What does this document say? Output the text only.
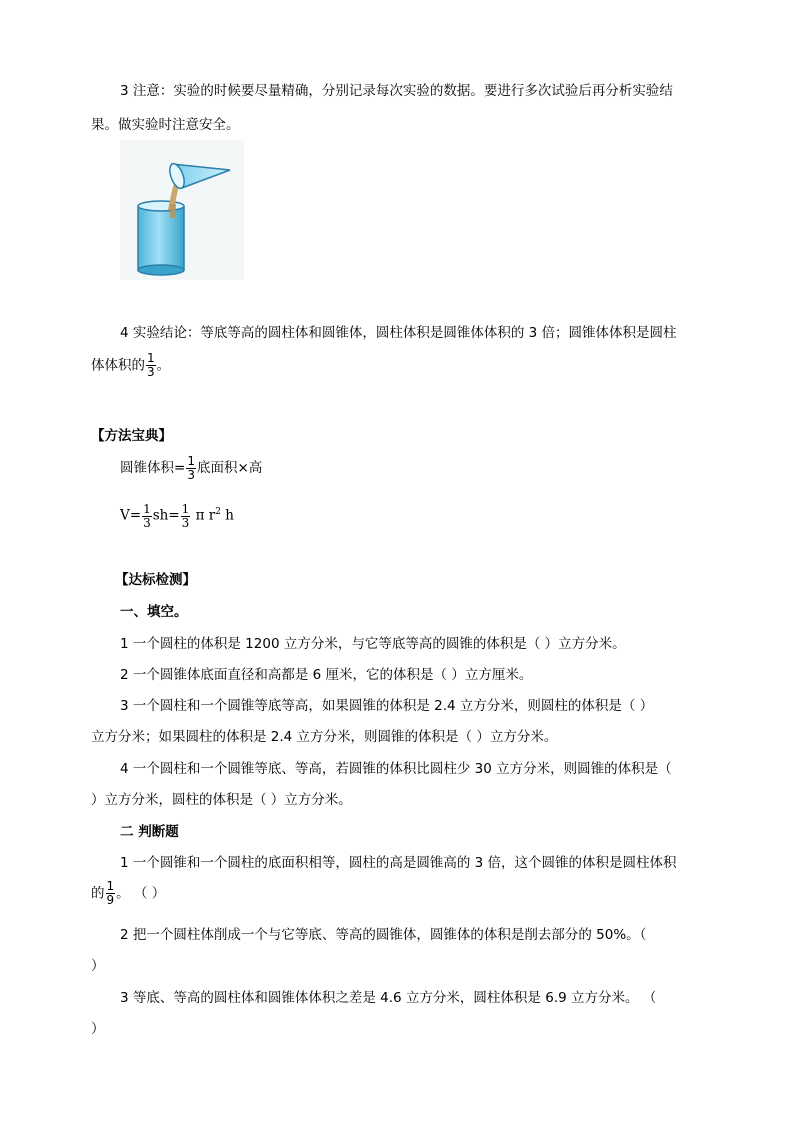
3 注意：实验的时候要尽量精确，分别记录每次实验的数据。要进行多次试验后再分析实验结
果。做实验时注意安全。
4 实验结论：等底等高的圆柱体和圆锥体，圆柱体积是圆锥体体积的 3 倍；圆锥体体积是圆柱
体体积的 $\frac{1}{3}$ 。
【方法宝典】
圆锥体积= $\frac{1}{3}$ 底面积×高
$V= \frac{1}{3} sh= \frac{1}{3}$ π $r^2$ h
【达标检测】
一、填空。
1 一个圆柱的体积是 1200 立方分米，与它等底等高的圆锥的体积是（ ）立方分米。
2 一个圆锥体底面直径和高都是 6 厘米，它的体积是（ ）立方厘米。
3 一个圆柱和一个圆锥等底等高，如果圆锥的体积是 2.4 立方分米，则圆柱的体积是（ ）
立方分米；如果圆柱的体积是 2.4 立方分米，则圆锥的体积是（ ）立方分米。
4 一个圆柱和一个圆锥等底、等高，若圆锥的体积比圆柱少 30 立方分米，则圆锥的体积是（
）立方分米，圆柱的体积是（ ）立方分米。
二 判断题
1 一个圆锥和一个圆柱的底面积相等，圆柱的高是圆锥高的 3 倍，这个圆锥的体积是圆柱体积
的 $\frac{1}{9}$ 。 （ ）
2 把一个圆柱体削成一个与它等底、等高的圆锥体，圆锥体的体积是削去部分的 50%。（
）
3 等底、等高的圆柱体和圆锥体体积之差是 4.6 立方分米，圆柱体积是 6.9 立方分米。 （
）
